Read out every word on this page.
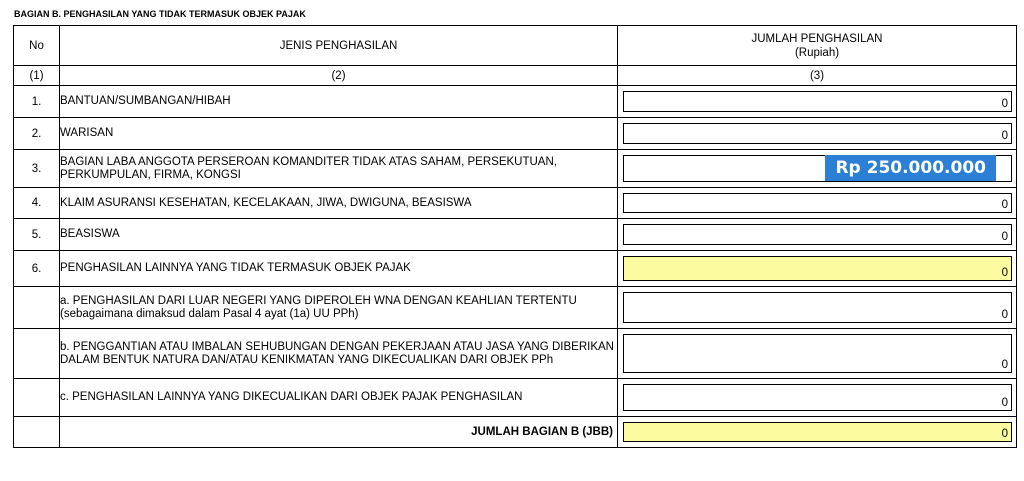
BAGIAN B. PENGHASILAN YANG TIDAK TERMASUK OBJEK PAJAK
No	JENIS PENGHASILAN	JUMLAH PENGHASILAN
(Rupiah)
(1)	(2)	(3)
1.	BANTUAN/SUMBANGAN/HIBAH	0

2.	WARISAN	0

3.	BAGIAN LABA ANGGOTA PERSEROAN KOMANDITER TIDAK ATAS SAHAM, PERSEKUTUAN, PERKUMPULAN, FIRMA, KONGSI	Rp 250.000.000

4.	KLAIM ASURANSI KESEHATAN, KECELAKAAN, JIWA, DWIGUNA, BEASISWA	0

5.	BEASISWA	0

6.	PENGHASILAN LAINNYA YANG TIDAK TERMASUK OBJEK PAJAK	0

	a. PENGHASILAN DARI LUAR NEGERI YANG DIPEROLEH WNA DENGAN KEAHLIAN TERTENTU (sebagaimana dimaksud dalam Pasal 4 ayat (1a) UU PPh)	0

	b. PENGGANTIAN ATAU IMBALAN SEHUBUNGAN DENGAN PEKERJAAN ATAU JASA YANG DIBERIKAN DALAM BENTUK NATURA DAN/ATAU KENIKMATAN YANG DIKECUALIKAN DARI OBJEK PPh	0

	c. PENGHASILAN LAINNYA YANG DIKECUALIKAN DARI OBJEK PAJAK PENGHASILAN	0

	JUMLAH BAGIAN B (JBB)	0
